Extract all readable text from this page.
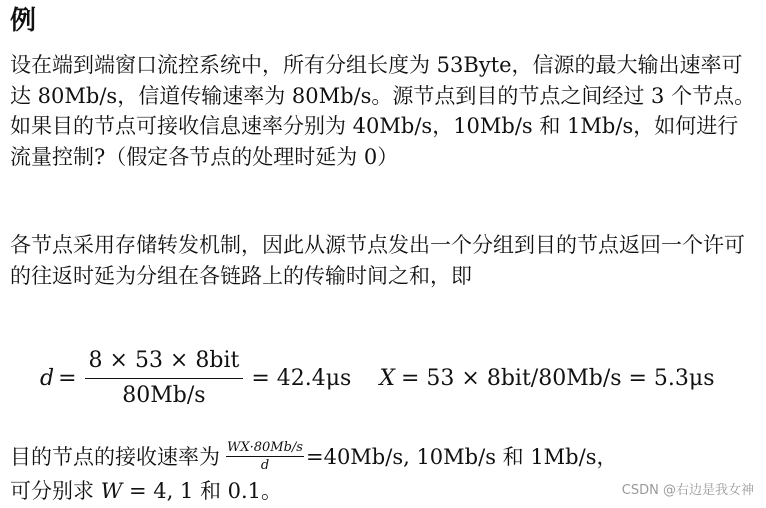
例

设在端到端窗口流控系统中，所有分组长度为 53Byte，信源的最大输出速率可达 80Mb/s，信道传输速率为 80Mb/s。源节点到目的节点之间经过 3 个节点。如果目的节点可接收信息速率分别为 40Mb/s，10Mb/s 和 1Mb/s，如何进行流量控制?（假定各节点的处理时延为 0）

各节点采用存储转发机制，因此从源节点发出一个分组到目的节点返回一个许可的往返时延为分组在各链路上的传输时间之和，即

$d = \frac{\text{8 × 53 × 8bit}}{80Mb/s} = 42.4\mu s$ X = 53 × 8bit/80Mb/s = 5.3μs
目的节点的接收速率为 $\frac{WX\cdot 80Mb/s}{d} =40Mb/s$, 10Mb/s 和 1Mb/s，
可分别求 W = 4, 1 和 0.1。	CSDN @右边是我女神
